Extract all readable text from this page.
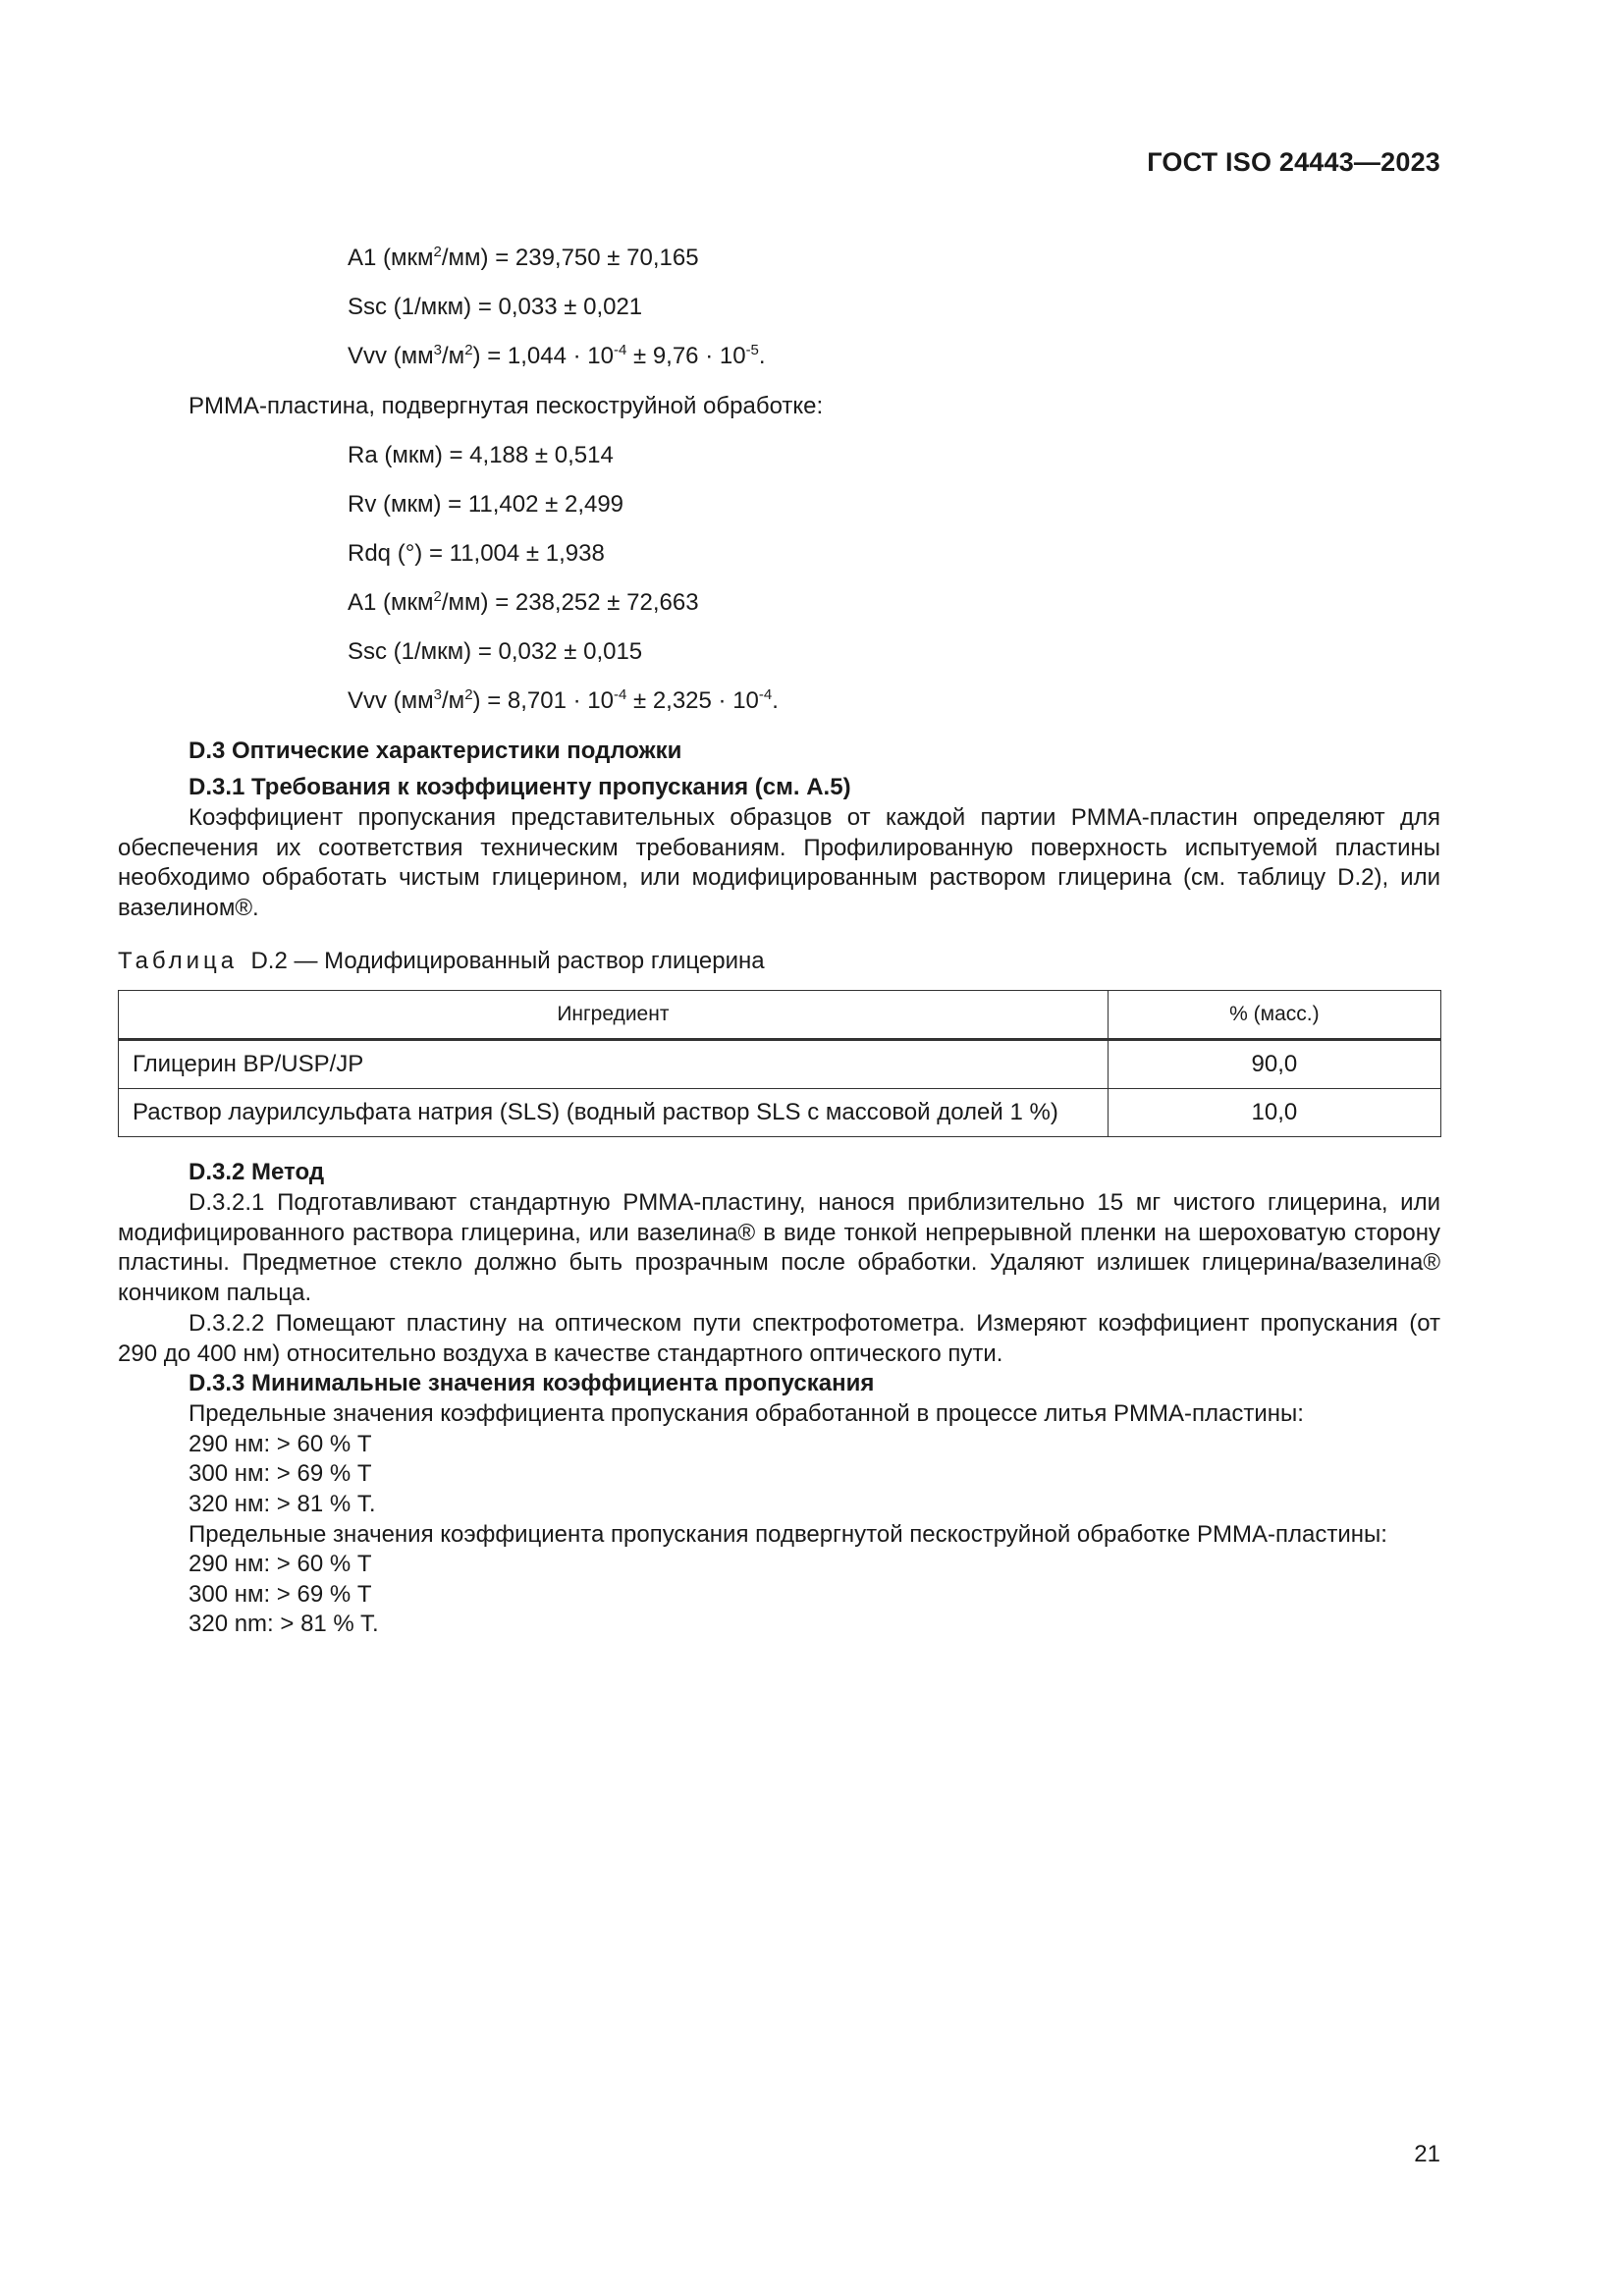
ГОСТ ISO 24443—2023
A1 (мкм$^2$/мм) = 239,750 ± 70,165
Ssc (1/мкм) = 0,033 ± 0,021
Vvv $(мм^3/м^2) = 1,044 \cdot 10^{-4} \pm 9,76 \cdot 10^{-5}$.
PMMA-пластина, подвергнутая пескоструйной обработке:
Ra (мкм) = 4,188 ± 0,514
Rv (мкм) = 11,402 ± 2,499
Rdq (°) = 11,004 ± 1,938
A1 (мкм$^2$/мм) = 238,252 ± 72,663
Ssc (1/мкм) = 0,032 ± 0,015
Vvv $(мм^3/м^2) = 8,701 \cdot 10^{-4} \pm 2,325 \cdot 10^{-4}$.
D.3 Оптические характеристики подложки
D.3.1 Требования к коэффициенту пропускания (см. A.5)
Коэффициент пропускания представительных образцов от каждой партии PMMA-пластин определяют для обеспечения их соответствия техническим требованиям. Профилированную поверхность испытуемой пластины необходимо обработать чистым глицерином, или модифицированным раствором глицерина (см. таблицу D.2), или вазелином®.
Таблица D.2 — Модифицированный раствор глицерина
Ингредиент	% (масс.)
Глицерин BP/USP/JP	90,0
Раствор лаурилсульфата натрия (SLS) (водный раствор SLS с массовой долей 1 %)	10,0
D.3.2 Метод
D.3.2.1 Подготавливают стандартную PMMA-пластину, нанося приблизительно 15 мг чистого глицерина, или модифицированного раствора глицерина, или вазелина® в виде тонкой непрерывной пленки на шероховатую сторону пластины. Предметное стекло должно быть прозрачным после обработки. Удаляют излишек глицерина/вазелина® кончиком пальца.
D.3.2.2 Помещают пластину на оптическом пути спектрофотометра. Измеряют коэффициент пропускания (от 290 до 400 нм) относительно воздуха в качестве стандартного оптического пути.
D.3.3 Минимальные значения коэффициента пропускания
Предельные значения коэффициента пропускания обработанной в процессе литья PMMA-пластины:
290 нм: > 60 % T
300 нм: > 69 % T
320 нм: > 81 % T.
Предельные значения коэффициента пропускания подвергнутой пескоструйной обработке PMMA-пластины:
290 нм: > 60 % T
300 нм: > 69 % T
320 nm: > 81 % T.
21
